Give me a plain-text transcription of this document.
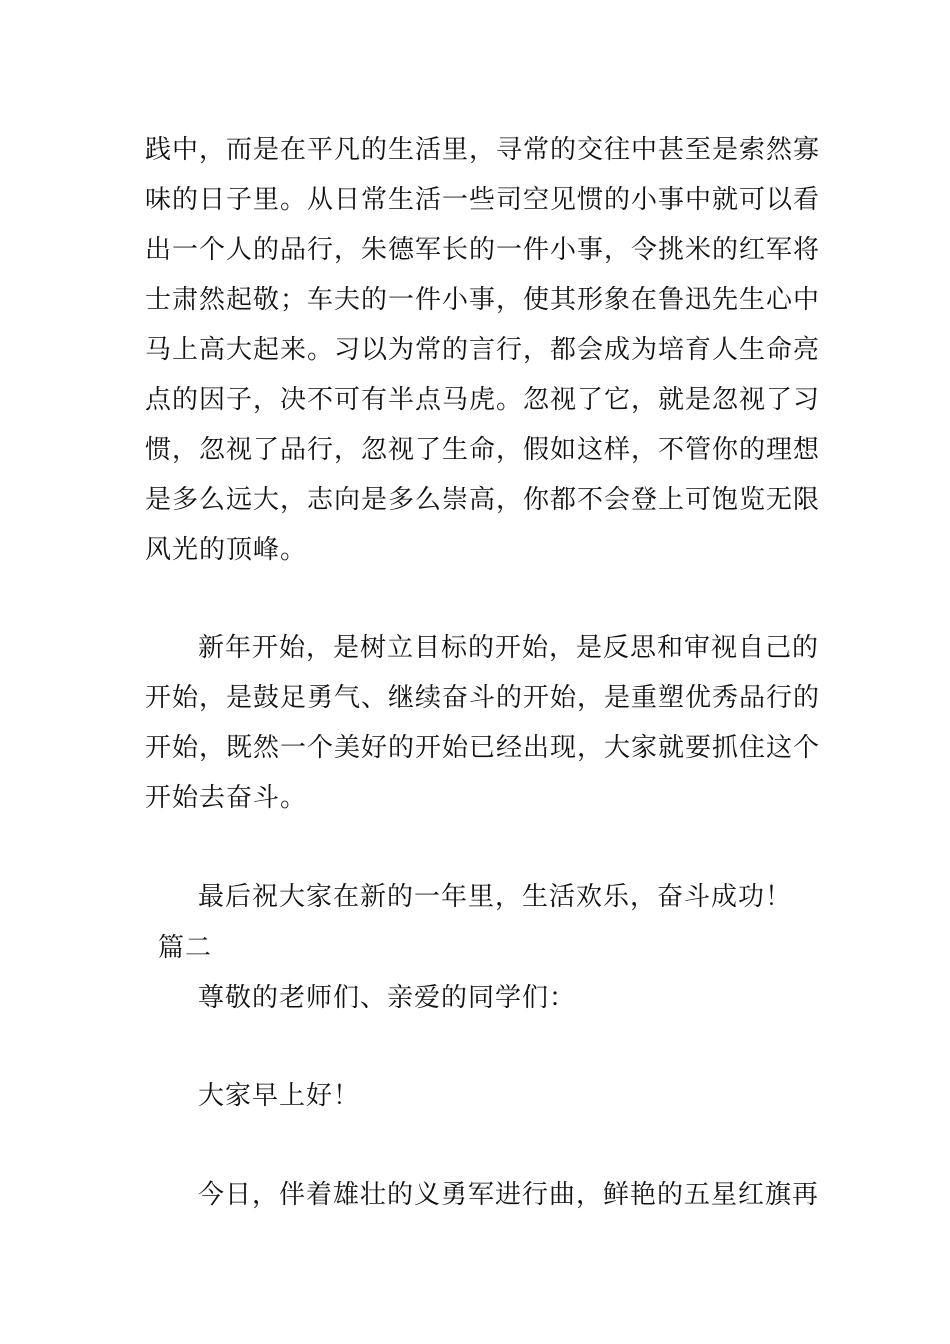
践中，而是在平凡的生活里，寻常的交往中甚至是索然寡
味的日子里。从日常生活一些司空见惯的小事中就可以看
出一个人的品行，朱德军长的一件小事，令挑米的红军将
士肃然起敬；车夫的一件小事，使其形象在鲁迅先生心中
马上高大起来。习以为常的言行，都会成为培育人生命亮
点的因子，决不可有半点马虎。忽视了它，就是忽视了习
惯，忽视了品行，忽视了生命，假如这样，不管你的理想
是多么远大，志向是多么崇高，你都不会登上可饱览无限
风光的顶峰。
新年开始，是树立目标的开始，是反思和审视自己的
开始，是鼓足勇气、继续奋斗的开始，是重塑优秀品行的
开始，既然一个美好的开始已经出现，大家就要抓住这个
开始去奋斗。
最后祝大家在新的一年里，生活欢乐，奋斗成功！
篇二
尊敬的老师们、亲爱的同学们：
大家早上好！
今日，伴着雄壮的义勇军进行曲，鲜艳的五星红旗再
